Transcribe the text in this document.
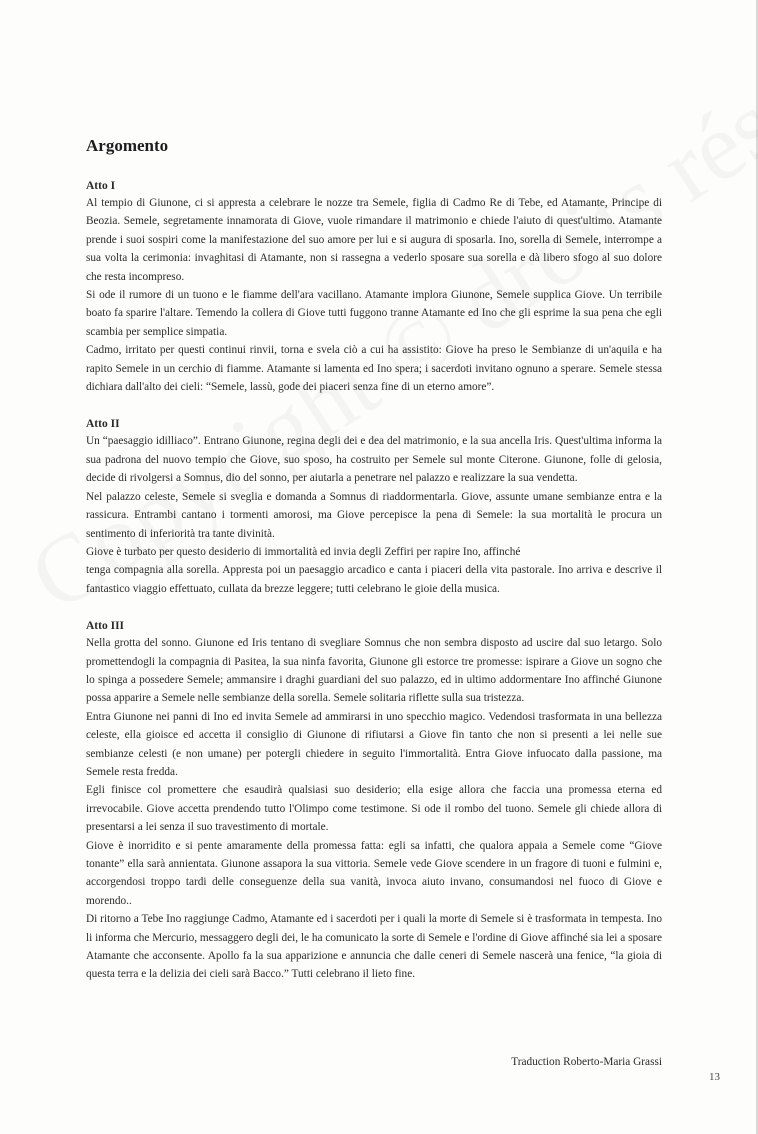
Argomento
Atto I

Al tempio di Giunone, ci si appresta a celebrare le nozze tra Semele, figlia di Cadmo Re di Tebe, ed Atamante, Principe di Beozia. Semele, segretamente innamorata di Giove, vuole rimandare il matrimonio e chiede l'aiuto di quest'ultimo. Atamante prende i suoi sospiri come la manifestazione del suo amore per lui e si augura di sposarla. Ino, sorella di Semele, interrompe a sua volta la cerimonia: invaghitasi di Atamante, non si rassegna a vederlo sposare sua sorella e dà libero sfogo al suo dolore che resta incompreso.

Si ode il rumore di un tuono e le fiamme dell'ara vacillano. Atamante implora Giunone, Semele supplica Giove. Un terribile boato fa sparire l'altare. Temendo la collera di Giove tutti fuggono tranne Atamante ed Ino che gli esprime la sua pena che egli scambia per semplice simpatia.

Cadmo, irritato per questi continui rinvii, torna e svela ciò a cui ha assistito: Giove ha preso le Sembianze di un'aquila e ha rapito Semele in un cerchio di fiamme. Atamante si lamenta ed Ino spera; i sacerdoti invitano ognuno a sperare. Semele stessa dichiara dall'alto dei cieli: “Semele, lassù, gode dei piaceri senza fine di un eterno amore”.

Atto II

Un “paesaggio idilliaco”. Entrano Giunone, regina degli dei e dea del matrimonio, e la sua ancella Iris. Quest'ultima informa la sua padrona del nuovo tempio che Giove, suo sposo, ha costruito per Semele sul monte Citerone. Giunone, folle di gelosia, decide di rivolgersi a Somnus, dio del sonno, per aiutarla a penetrare nel palazzo e realizzare la sua vendetta.

Nel palazzo celeste, Semele si sveglia e domanda a Somnus di riaddormentarla. Giove, assunte umane sembianze entra e la rassicura. Entrambi cantano i tormenti amorosi, ma Giove percepisce la pena di Semele: la sua mortalità le procura un sentimento di inferiorità tra tante divinità.

Giove è turbato per questo desiderio di immortalità ed invia degli Zeffiri per rapire Ino, affinché

tenga compagnia alla sorella. Appresta poi un paesaggio arcadico e canta i piaceri della vita pastorale. Ino arriva e descrive il fantastico viaggio effettuato, cullata da brezze leggere; tutti celebrano le gioie della musica.

Atto III

Nella grotta del sonno. Giunone ed Iris tentano di svegliare Somnus che non sembra disposto ad uscire dal suo letargo. Solo promettendogli la compagnia di Pasitea, la sua ninfa favorita, Giunone gli estorce tre promesse: ispirare a Giove un sogno che lo spinga a possedere Semele; ammansire i draghi guardiani del suo palazzo, ed in ultimo addormentare Ino affinché Giunone possa apparire a Semele nelle sembianze della sorella. Semele solitaria riflette sulla sua tristezza.

Entra Giunone nei panni di Ino ed invita Semele ad ammirarsi in uno specchio magico. Vedendosi trasformata in una bellezza celeste, ella gioisce ed accetta il consiglio di Giunone di rifiutarsi a Giove fin tanto che non si presenti a lei nelle sue sembianze celesti (e non umane) per potergli chiedere in seguito l'immortalità. Entra Giove infuocato dalla passione, ma Semele resta fredda.

Egli finisce col promettere che esaudirà qualsiasi suo desiderio; ella esige allora che faccia una promessa eterna ed irrevocabile. Giove accetta prendendo tutto l'Olimpo come testimone. Si ode il rombo del tuono. Semele gli chiede allora di presentarsi a lei senza il suo travestimento di mortale.

Giove è inorridito e si pente amaramente della promessa fatta: egli sa infatti, che qualora appaia a Semele come “Giove tonante” ella sarà annientata. Giunone assapora la sua vittoria. Semele vede Giove scendere in un fragore di tuoni e fulmini e, accorgendosi troppo tardi delle conseguenze della sua vanità, invoca aiuto invano, consumandosi nel fuoco di Giove e morendo..

Di ritorno a Tebe Ino raggiunge Cadmo, Atamante ed i sacerdoti per i quali la morte di Semele si è trasformata in tempesta. Ino li informa che Mercurio, messaggero degli dei, le ha comunicato la sorte di Semele e l'ordine di Giove affinché sia lei a sposare Atamante che acconsente. Apollo fa la sua apparizione e annuncia che dalle ceneri di Semele nascerà una fenice, “la gioia di questa terra e la delizia dei cieli sarà Bacco.” Tutti celebrano il lieto fine.

Traduction Roberto-Maria Grassi
13
